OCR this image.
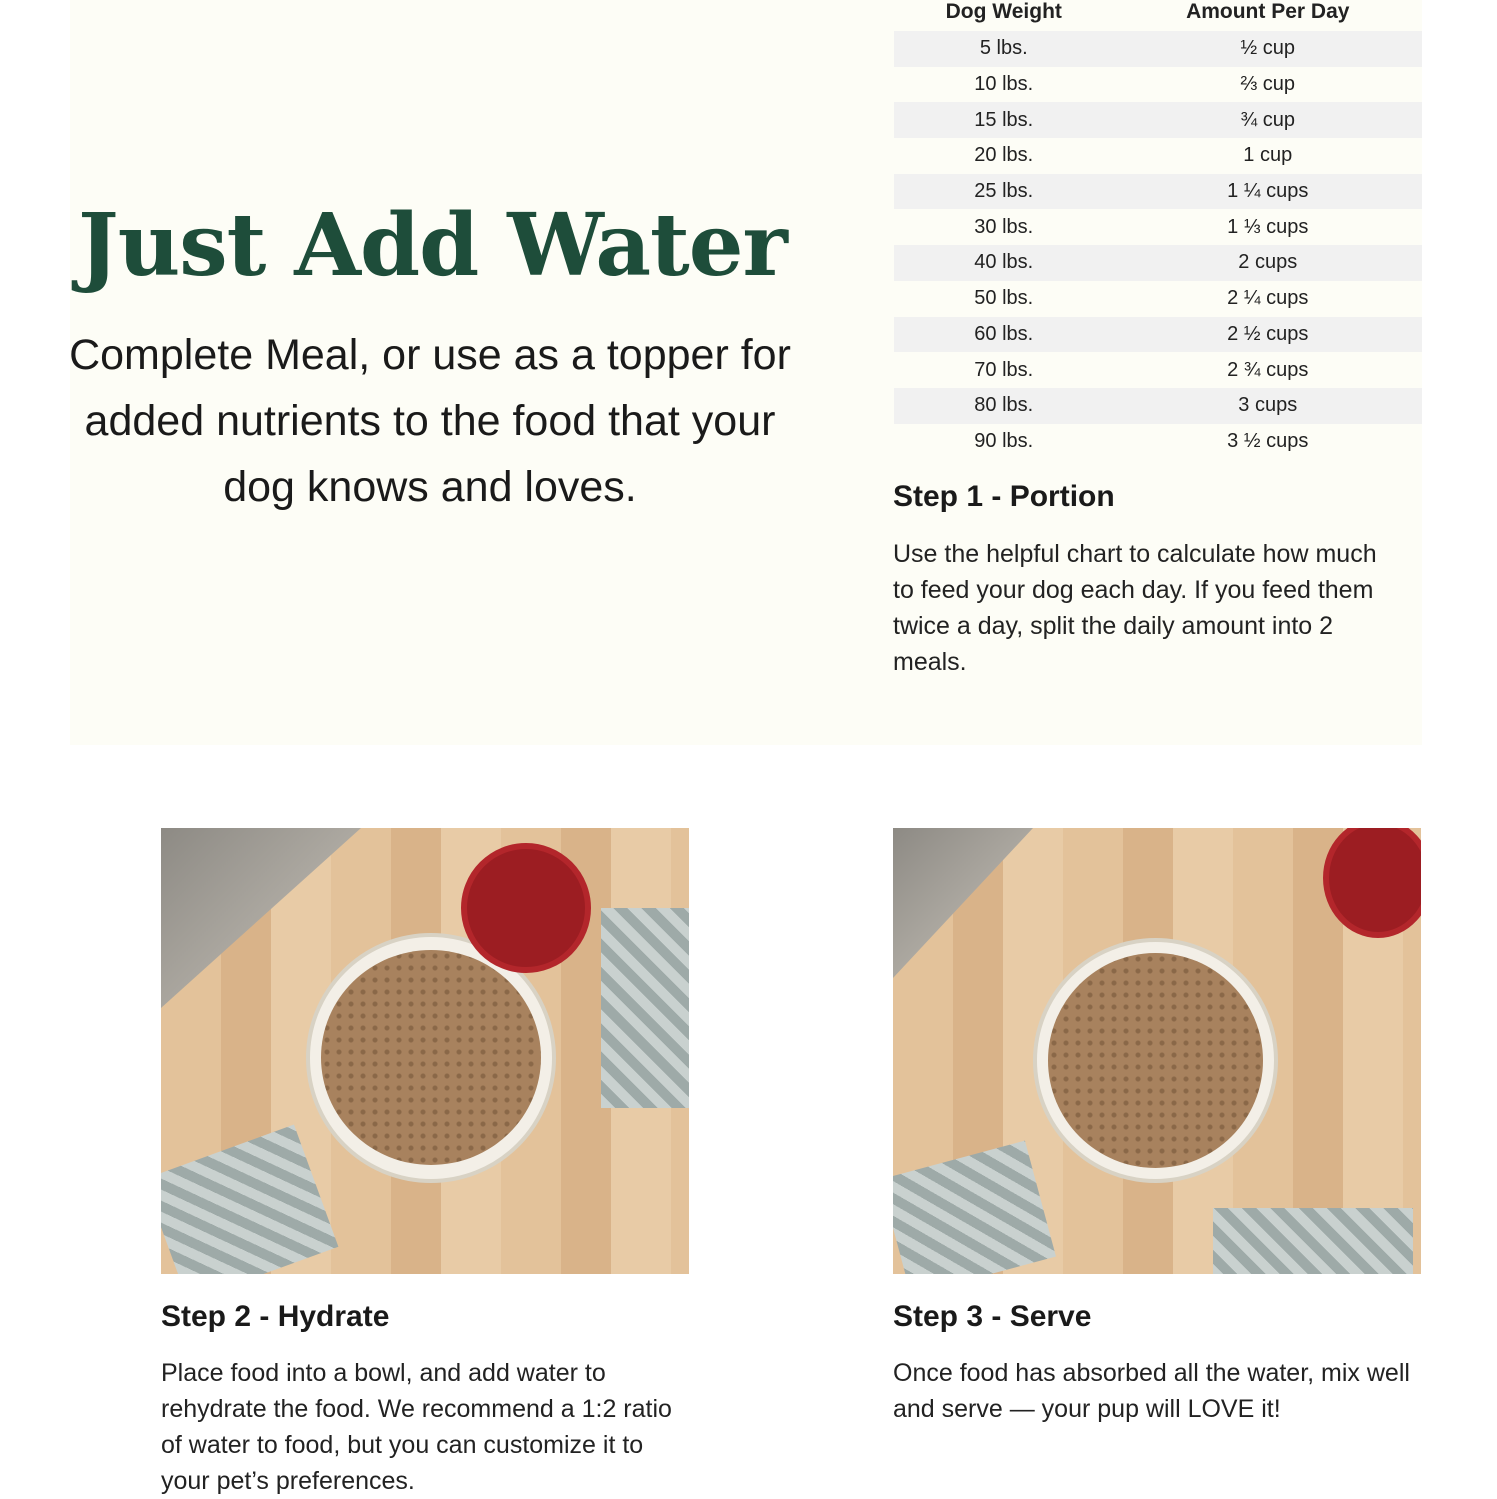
Just Add Water

Complete Meal, or use as a topper for added nutrients to the food that your dog knows and loves.

Dog Weight	Amount Per Day
5 lbs.	½ cup
10 lbs.	⅔ cup
15 lbs.	¾ cup
20 lbs.	1 cup
25 lbs.	1 ¼ cups
30 lbs.	1 ⅓ cups
40 lbs.	2 cups
50 lbs.	2 ¼ cups
60 lbs.	2 ½ cups
70 lbs.	2 ¾ cups
80 lbs.	3 cups
90 lbs.	3 ½ cups
Step 1 - Portion

Use the helpful chart to calculate how much to feed your dog each day. If you feed them twice a day, split the daily amount into 2 meals.

Step 2 - Hydrate

Place food into a bowl, and add water to rehydrate the food. We recommend a 1:2 ratio of water to food, but you can customize it to your pet’s preferences.

Step 3 - Serve

Once food has absorbed all the water, mix well and serve — your pup will LOVE it!
